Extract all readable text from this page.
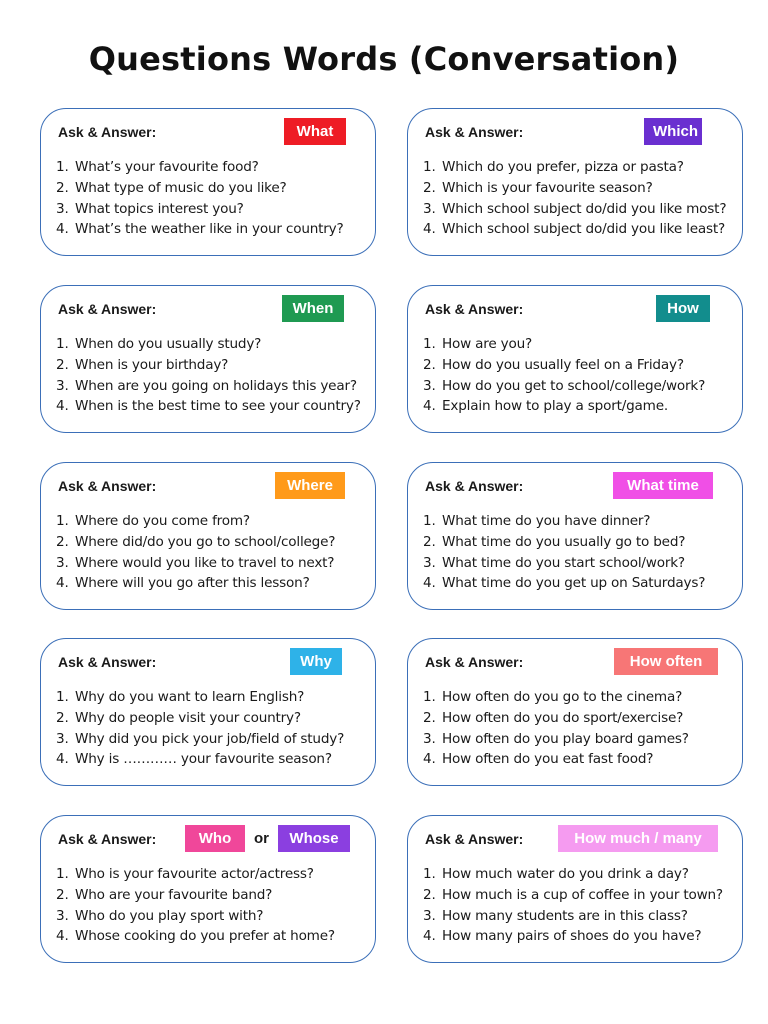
Questions Words (Conversation)
Ask & Answer:	What
1. What’s your favourite food?
2. What type of music do you like?
3. What topics interest you?
4. What’s the weather like in your country?
Ask & Answer:	Which
1. Which do you prefer, pizza or pasta?
2. Which is your favourite season?
3. Which school subject do/did you like most?
4. Which school subject do/did you like least?
Ask & Answer:	When
1. When do you usually study?
2. When is your birthday?
3. When are you going on holidays this year?
4. When is the best time to see your country?
Ask & Answer:	How
1. How are you?
2. How do you usually feel on a Friday?
3. How do you get to school/college/work?
4. Explain how to play a sport/game.
Ask & Answer:	Where
1. Where do you come from?
2. Where did/do you go to school/college?
3. Where would you like to travel to next?
4. Where will you go after this lesson?
Ask & Answer:	What time
1. What time do you have dinner?
2. What time do you usually go to bed?
3. What time do you start school/work?
4. What time do you get up on Saturdays?
Ask & Answer:	Why
1. Why do you want to learn English?
2. Why do people visit your country?
3. Why did you pick your job/field of study?
4. Why is ………… your favourite season?
Ask & Answer:	How often
1. How often do you go to the cinema?
2. How often do you do sport/exercise?
3. How often do you play board games?
4. How often do you eat fast food?
Ask & Answer:	Who	or	Whose
1. Who is your favourite actor/actress?
2. Who are your favourite band?
3. Who do you play sport with?
4. Whose cooking do you prefer at home?
Ask & Answer:	How much / many
1. How much water do you drink a day?
2. How much is a cup of coffee in your town?
3. How many students are in this class?
4. How many pairs of shoes do you have?
